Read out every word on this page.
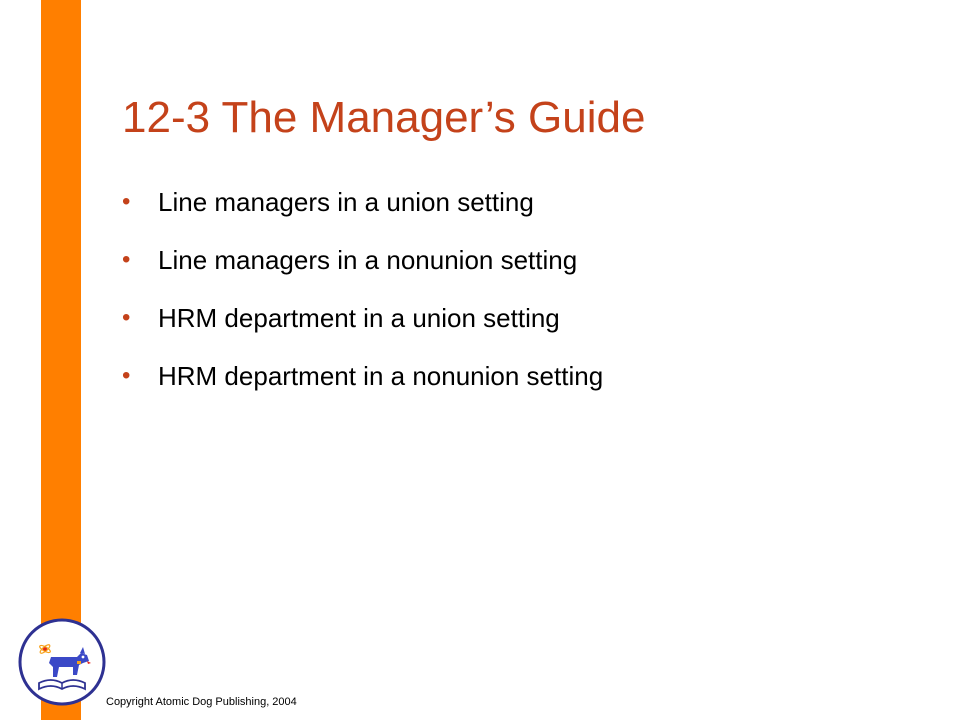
12-3 The Manager’s Guide
• Line managers in a union setting
• Line managers in a nonunion setting
• HRM department in a union setting
• HRM department in a nonunion setting
Copyright Atomic Dog Publishing, 2004
